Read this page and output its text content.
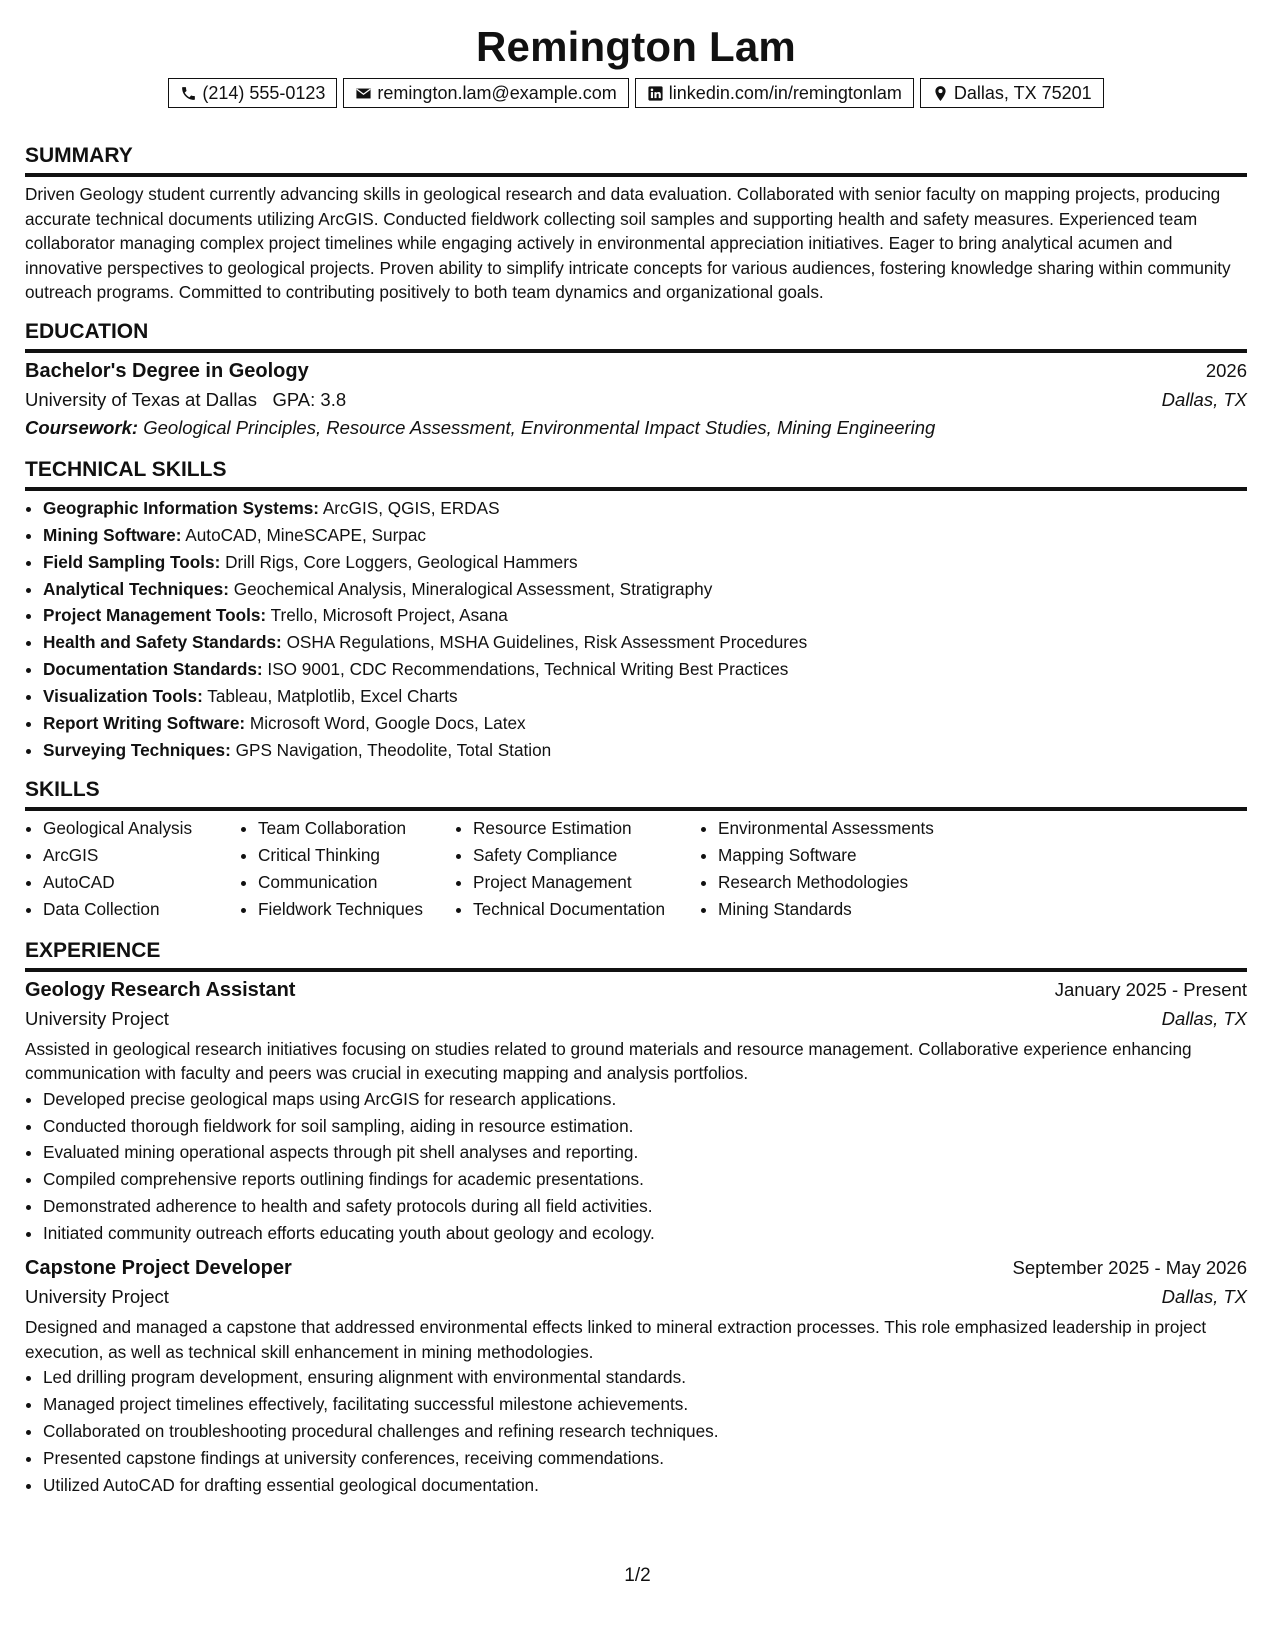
Remington Lam
(214) 555-0123	remington.lam@example.com	linkedin.com/in/remingtonlam	Dallas, TX 75201
SUMMARY

Driven Geology student currently advancing skills in geological research and data evaluation. Collaborated with senior faculty on mapping projects, producing accurate technical documents utilizing ArcGIS. Conducted fieldwork collecting soil samples and supporting health and safety measures. Experienced team collaborator managing complex project timelines while engaging actively in environmental appreciation initiatives. Eager to bring analytical acumen and innovative perspectives to geological projects. Proven ability to simplify intricate concepts for various audiences, fostering knowledge sharing within community outreach programs. Committed to contributing positively to both team dynamics and organizational goals.

EDUCATION
Bachelor's Degree in Geology	2026
University of Texas at Dallas GPA: 3.8	Dallas, TX
Coursework: Geological Principles, Resource Assessment, Environmental Impact Studies, Mining Engineering
TECHNICAL SKILLS
• Geographic Information Systems: ArcGIS, QGIS, ERDAS
• Mining Software: AutoCAD, MineSCAPE, Surpac
• Field Sampling Tools: Drill Rigs, Core Loggers, Geological Hammers
• Analytical Techniques: Geochemical Analysis, Mineralogical Assessment, Stratigraphy
• Project Management Tools: Trello, Microsoft Project, Asana
• Health and Safety Standards: OSHA Regulations, MSHA Guidelines, Risk Assessment Procedures
• Documentation Standards: ISO 9001, CDC Recommendations, Technical Writing Best Practices
• Visualization Tools: Tableau, Matplotlib, Excel Charts
• Report Writing Software: Microsoft Word, Google Docs, Latex
• Surveying Techniques: GPS Navigation, Theodolite, Total Station
SKILLS
• Geological Analysis
• ArcGIS
• AutoCAD
• Data Collection
• Team Collaboration
• Critical Thinking
• Communication
• Fieldwork Techniques
• Resource Estimation
• Safety Compliance
• Project Management
• Technical Documentation
• Environmental Assessments
• Mapping Software
• Research Methodologies
• Mining Standards
EXPERIENCE
Geology Research Assistant	January 2025 - Present
University Project	Dallas, TX

Assisted in geological research initiatives focusing on studies related to ground materials and resource management. Collaborative experience enhancing communication with faculty and peers was crucial in executing mapping and analysis portfolios.

• Developed precise geological maps using ArcGIS for research applications.
• Conducted thorough fieldwork for soil sampling, aiding in resource estimation.
• Evaluated mining operational aspects through pit shell analyses and reporting.
• Compiled comprehensive reports outlining findings for academic presentations.
• Demonstrated adherence to health and safety protocols during all field activities.
• Initiated community outreach efforts educating youth about geology and ecology.
Capstone Project Developer	September 2025 - May 2026
University Project	Dallas, TX

Designed and managed a capstone that addressed environmental effects linked to mineral extraction processes. This role emphasized leadership in project execution, as well as technical skill enhancement in mining methodologies.

• Led drilling program development, ensuring alignment with environmental standards.
• Managed project timelines effectively, facilitating successful milestone achievements.
• Collaborated on troubleshooting procedural challenges and refining research techniques.
• Presented capstone findings at university conferences, receiving commendations.
• Utilized AutoCAD for drafting essential geological documentation.
1/2
